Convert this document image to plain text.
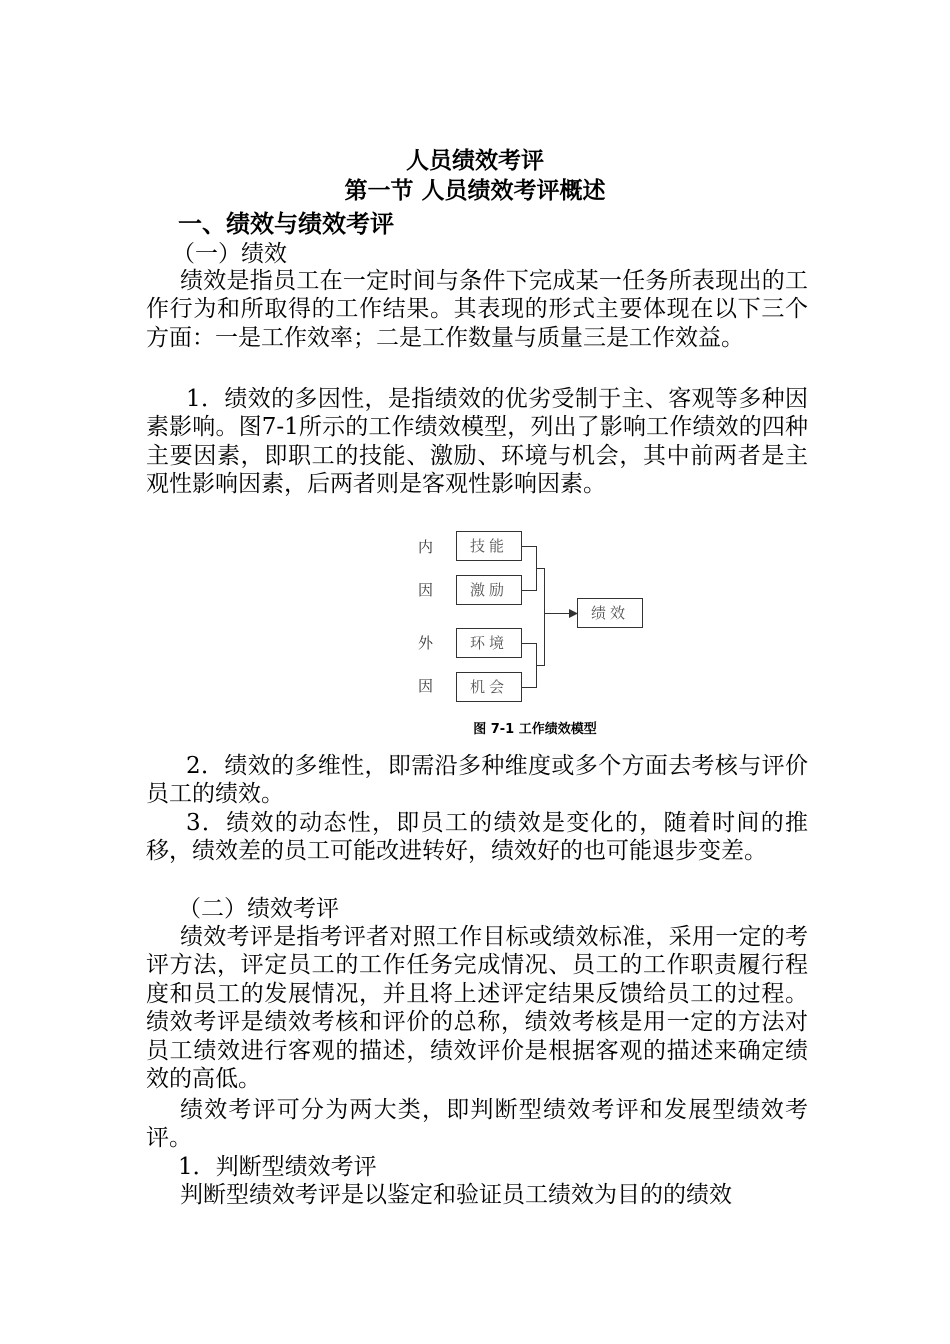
人员绩效考评
第一节 人员绩效考评概述
一、绩效与绩效考评

（一）绩效

绩效是指员工在一定时间与条件下完成某一任务所表现出的工作行为和所取得的工作结果。其表现的形式主要体现在以下三个方面：一是工作效率；二是工作数量与质量三是工作效益。

1．绩效的多因性，是指绩效的优劣受制于主、客观等多种因素影响。图7-1所示的工作绩效模型，列出了影响工作绩效的四种主要因素，即职工的技能、激励、环境与机会，其中前两者是主观性影响因素，后两者则是客观性影响因素。

内
因
外
因
技能
激励
环境
机会
绩效
图 7-1 工作绩效模型

2．绩效的多维性，即需沿多种维度或多个方面去考核与评价员工的绩效。

3．绩效的动态性，即员工的绩效是变化的，随着时间的推移，绩效差的员工可能改进转好，绩效好的也可能退步变差。

（二）绩效考评

绩效考评是指考评者对照工作目标或绩效标准，采用一定的考评方法，评定员工的工作任务完成情况、员工的工作职责履行程度和员工的发展情况，并且将上述评定结果反馈给员工的过程。绩效考评是绩效考核和评价的总称，绩效考核是用一定的方法对员工绩效进行客观的描述，绩效评价是根据客观的描述来确定绩效的高低。

绩效考评可分为两大类，即判断型绩效考评和发展型绩效考评。

1．判断型绩效考评

判断型绩效考评是以鉴定和验证员工绩效为目的的绩效
